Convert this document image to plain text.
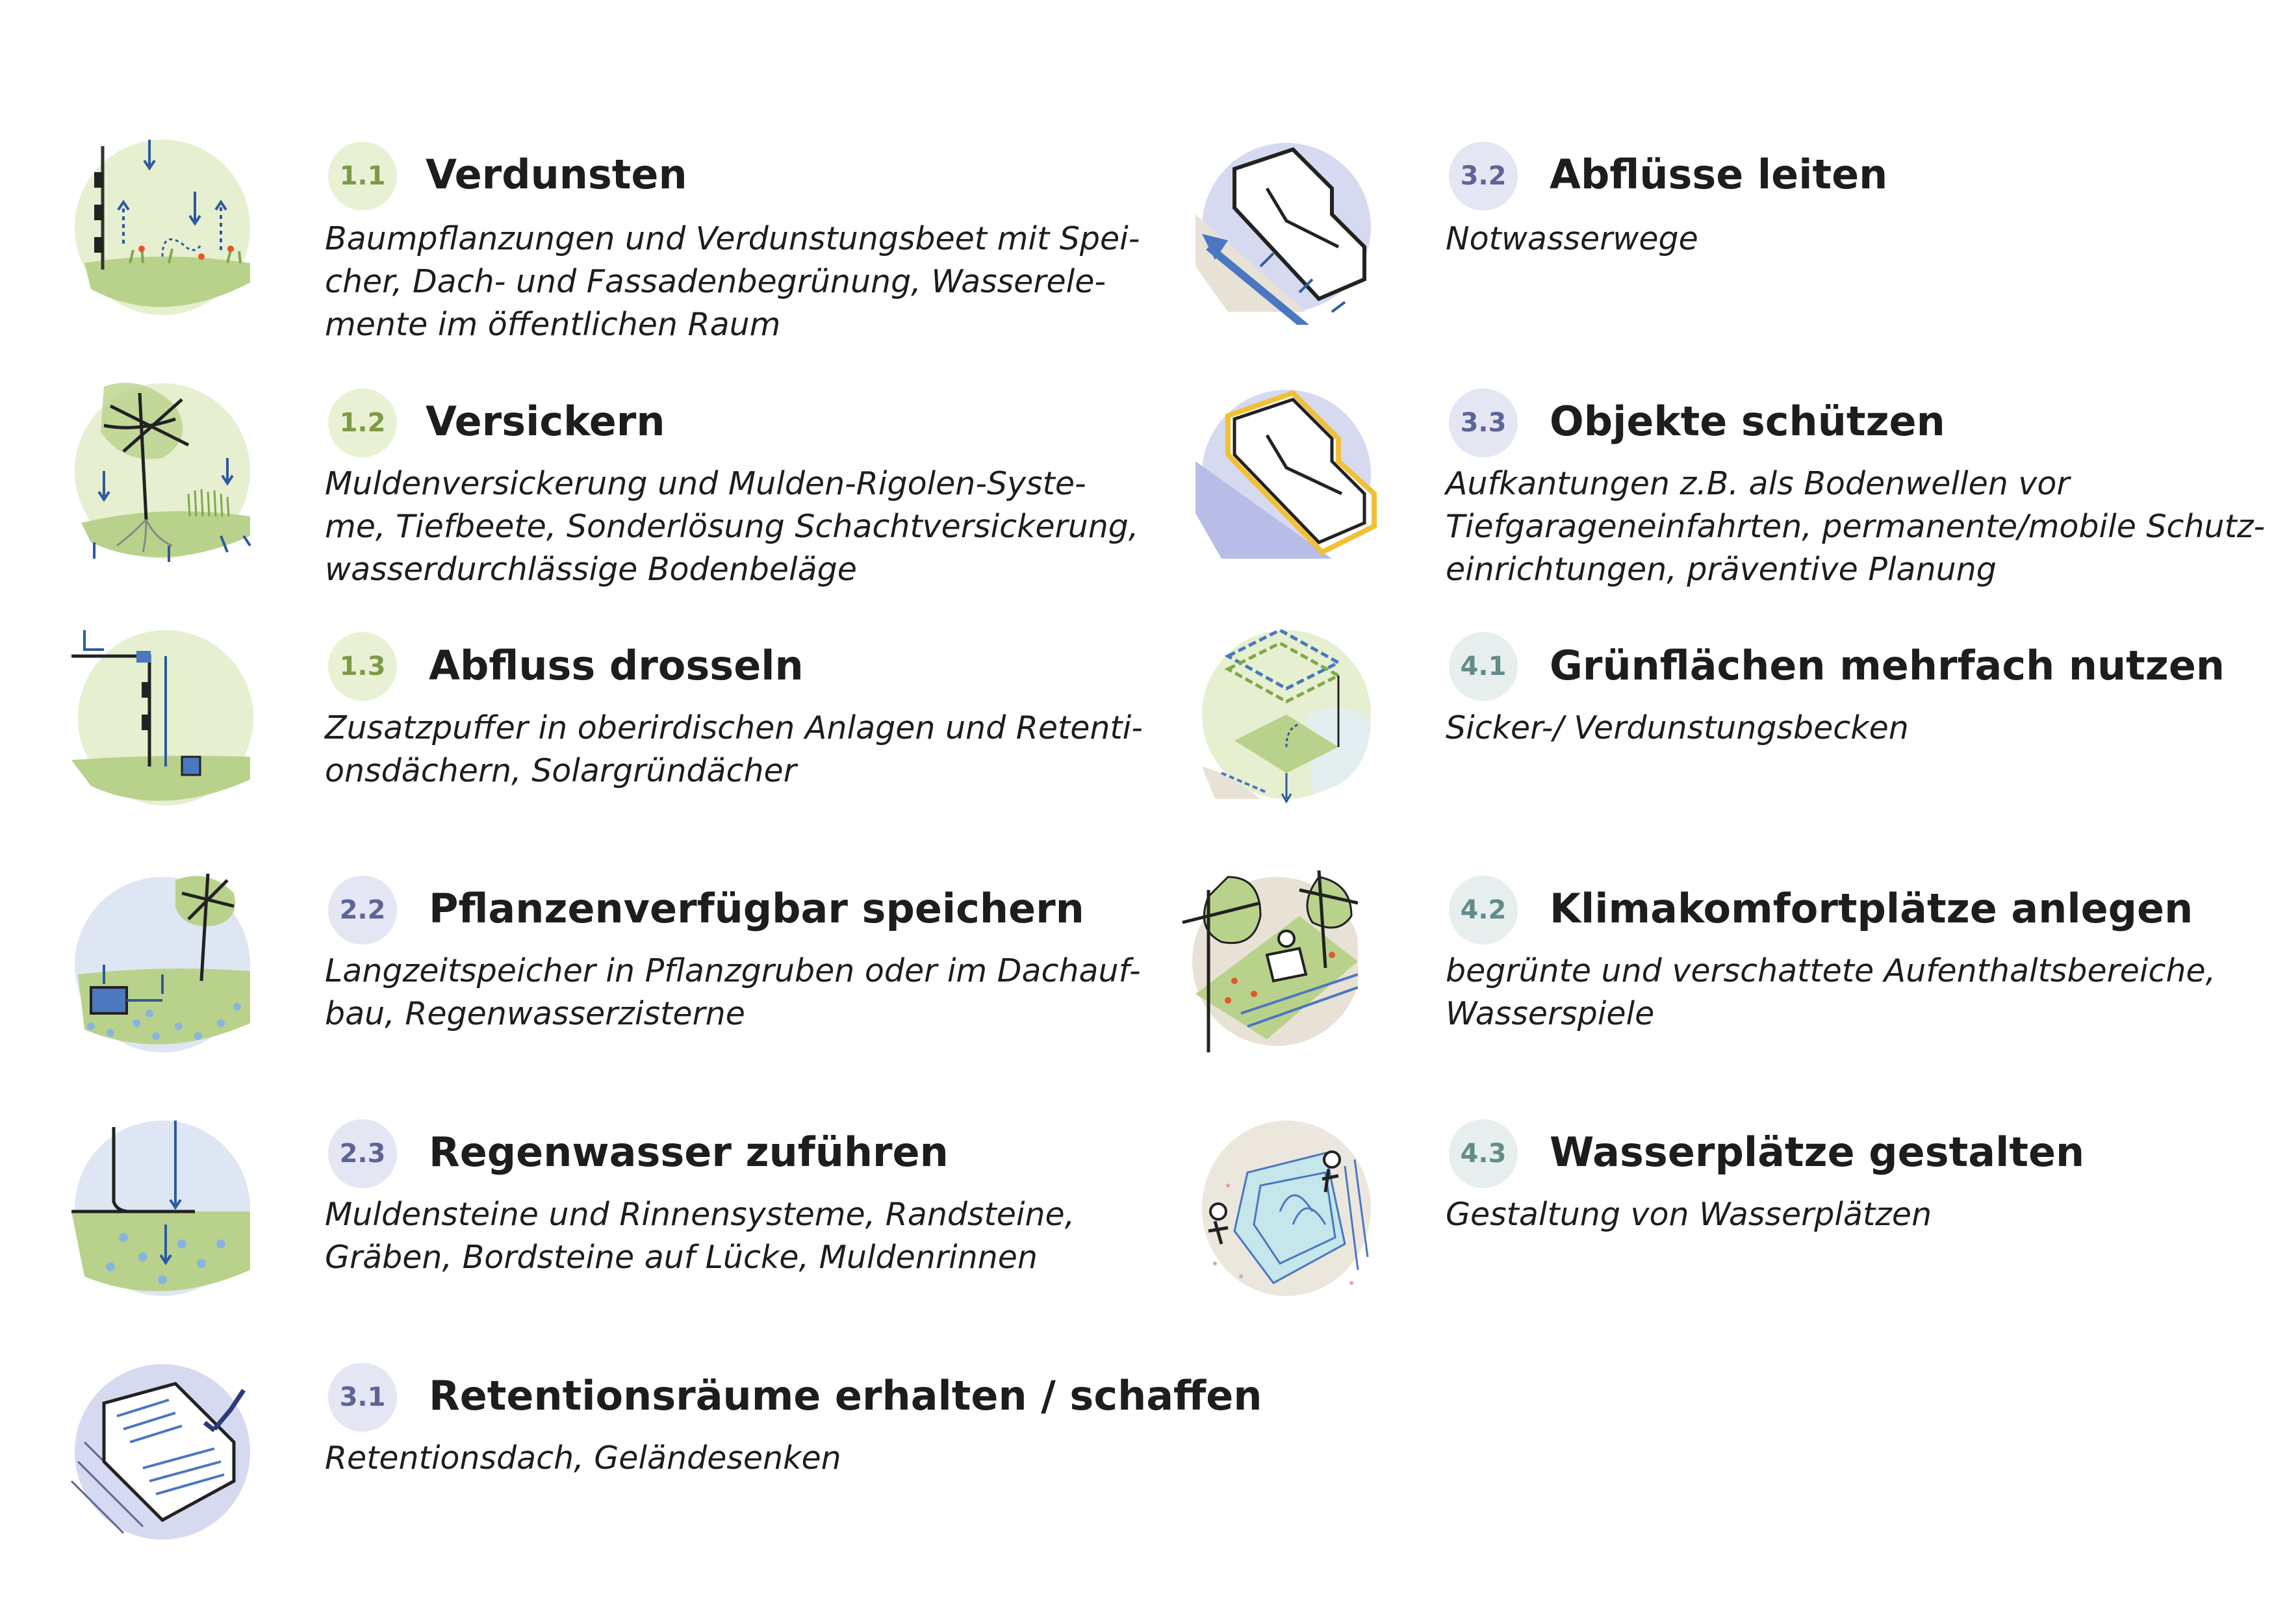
1.1 Verdunsten
Baumpflanzungen und Verdunstungsbeet mit Spei-
cher, Dach- und Fassadenbegrünung, Wasserele-
mente im öffentlichen Raum
1.2 Versickern
Muldenversickerung und Mulden-Rigolen-Syste-
me, Tiefbeete, Sonderlösung Schachtversickerung,
wasserdurchlässige Bodenbeläge
1.3 Abfluss drosseln
Zusatzpuffer in oberirdischen Anlagen und Retenti-
onsdächern, Solargründächer
2.2 Pflanzenverfügbar speichern
Langzeitspeicher in Pflanzgruben oder im Dachauf-
bau, Regenwasserzisterne
2.3 Regenwasser zuführen
Muldensteine und Rinnensysteme, Randsteine,
Gräben, Bordsteine auf Lücke, Muldenrinnen
3.1 Retentionsräume erhalten / schaffen
Retentionsdach, Geländesenken
3.2 Abflüsse leiten
Notwasserwege
3.3 Objekte schützen
Aufkantungen z.B. als Bodenwellen vor
Tiefgarageneinfahrten, permanente/mobile Schutz-
einrichtungen, präventive Planung
4.1 Grünflächen mehrfach nutzen
Sicker-/ Verdunstungsbecken
4.2 Klimakomfortplätze anlegen
begrünte und verschattete Aufenthaltsbereiche,
Wasserspiele
4.3 Wasserplätze gestalten
Gestaltung von Wasserplätzen
